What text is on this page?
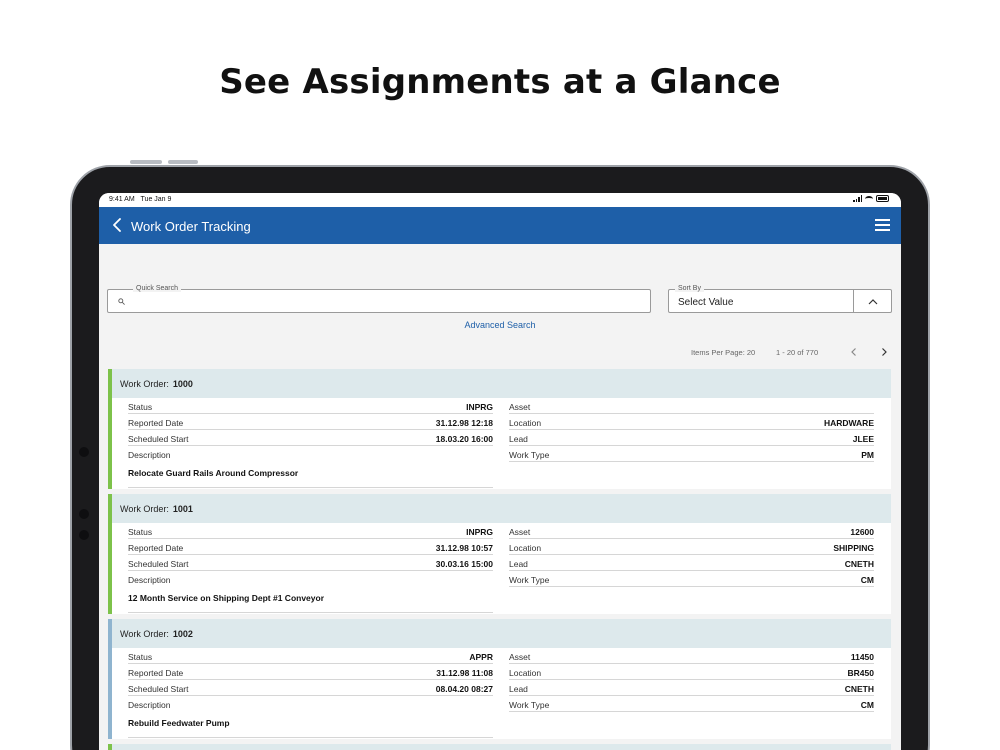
See Assignments at a Glance
9:41 AM Tue Jan 9
Work Order Tracking
Quick Search
Select Value
Sort By
Advanced Search
Items Per Page: 20	1 - 20 of 770
Work Order: 1000
Status	INPRG
Reported Date	31.12.98 12:18
Scheduled Start	18.03.20 16:00
Description
Relocate Guard Rails Around Compressor
Asset
Location	HARDWARE
Lead	JLEE
Work Type	PM
Work Order: 1001
Status	INPRG
Reported Date	31.12.98 10:57
Scheduled Start	30.03.16 15:00
Description
12 Month Service on Shipping Dept #1 Conveyor
Asset	12600
Location	SHIPPING
Lead	CNETH
Work Type	CM
Work Order: 1002
Status	APPR
Reported Date	31.12.98 11:08
Scheduled Start	08.04.20 08:27
Description
Rebuild Feedwater Pump
Asset	11450
Location	BR450
Lead	CNETH
Work Type	CM
